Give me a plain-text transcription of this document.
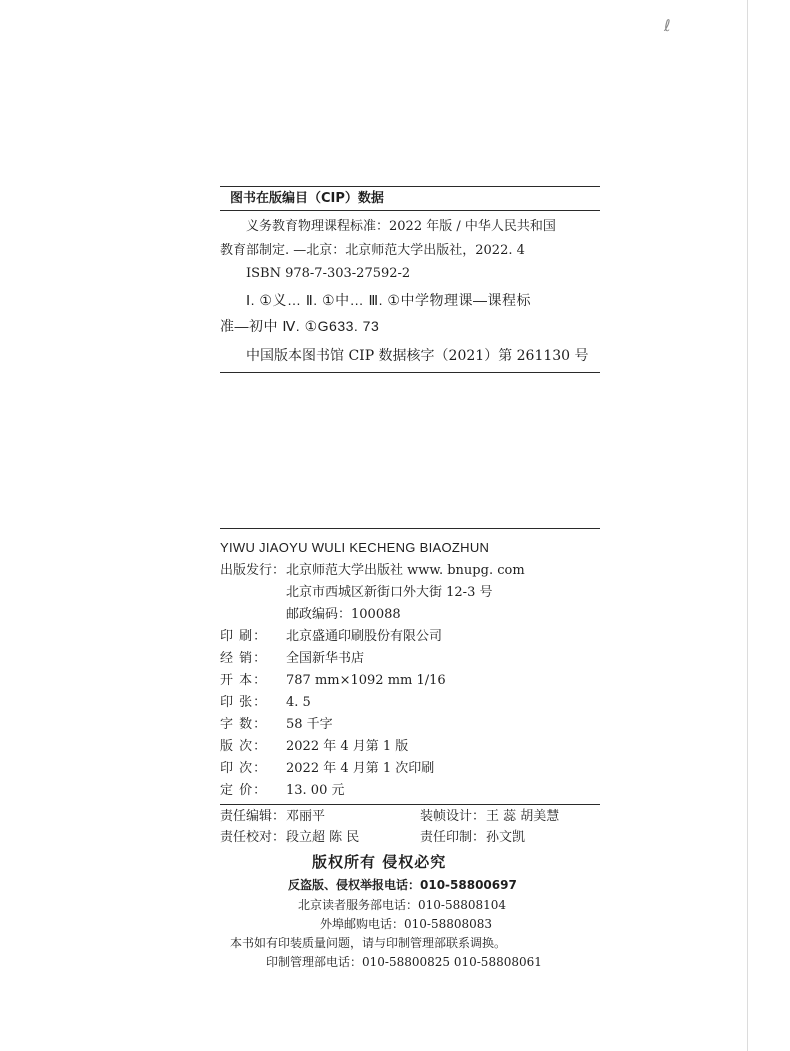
ℓ
图书在版编目（CIP）数据
义务教育物理课程标准：2022 年版 / 中华人民共和国
教育部制定. —北京：北京师范大学出版社，2022. 4
ISBN 978-7-303-27592-2
Ⅰ. ①义… Ⅱ. ①中… Ⅲ. ①中学物理课—课程标
准—初中 Ⅳ. ①G633. 73
中国版本图书馆 CIP 数据核字（2021）第 261130 号
YIWU JIAOYU WULI KECHENG BIAOZHUN
出版发行： 北京师范大学出版社 www. bnupg. com
北京市西城区新街口外大街 12-3 号
邮政编码：100088
印 刷： 北京盛通印刷股份有限公司
经 销： 全国新华书店
开 本： 787 mm×1092 mm 1/16
印 张： 4. 5
字 数： 58 千字
版 次： 2022 年 4 月第 1 版
印 次： 2022 年 4 月第 1 次印刷
定 价： 13. 00 元
责任编辑： 邓丽平	装帧设计： 王 蕊 胡美慧
责任校对： 段立超 陈 民	责任印制： 孙文凯
版权所有 侵权必究
反盗版、侵权举报电话：010-58800697
北京读者服务部电话：010-58808104
外埠邮购电话：010-58808083
本书如有印装质量问题，请与印制管理部联系调换。
印制管理部电话：010-58800825 010-58808061
